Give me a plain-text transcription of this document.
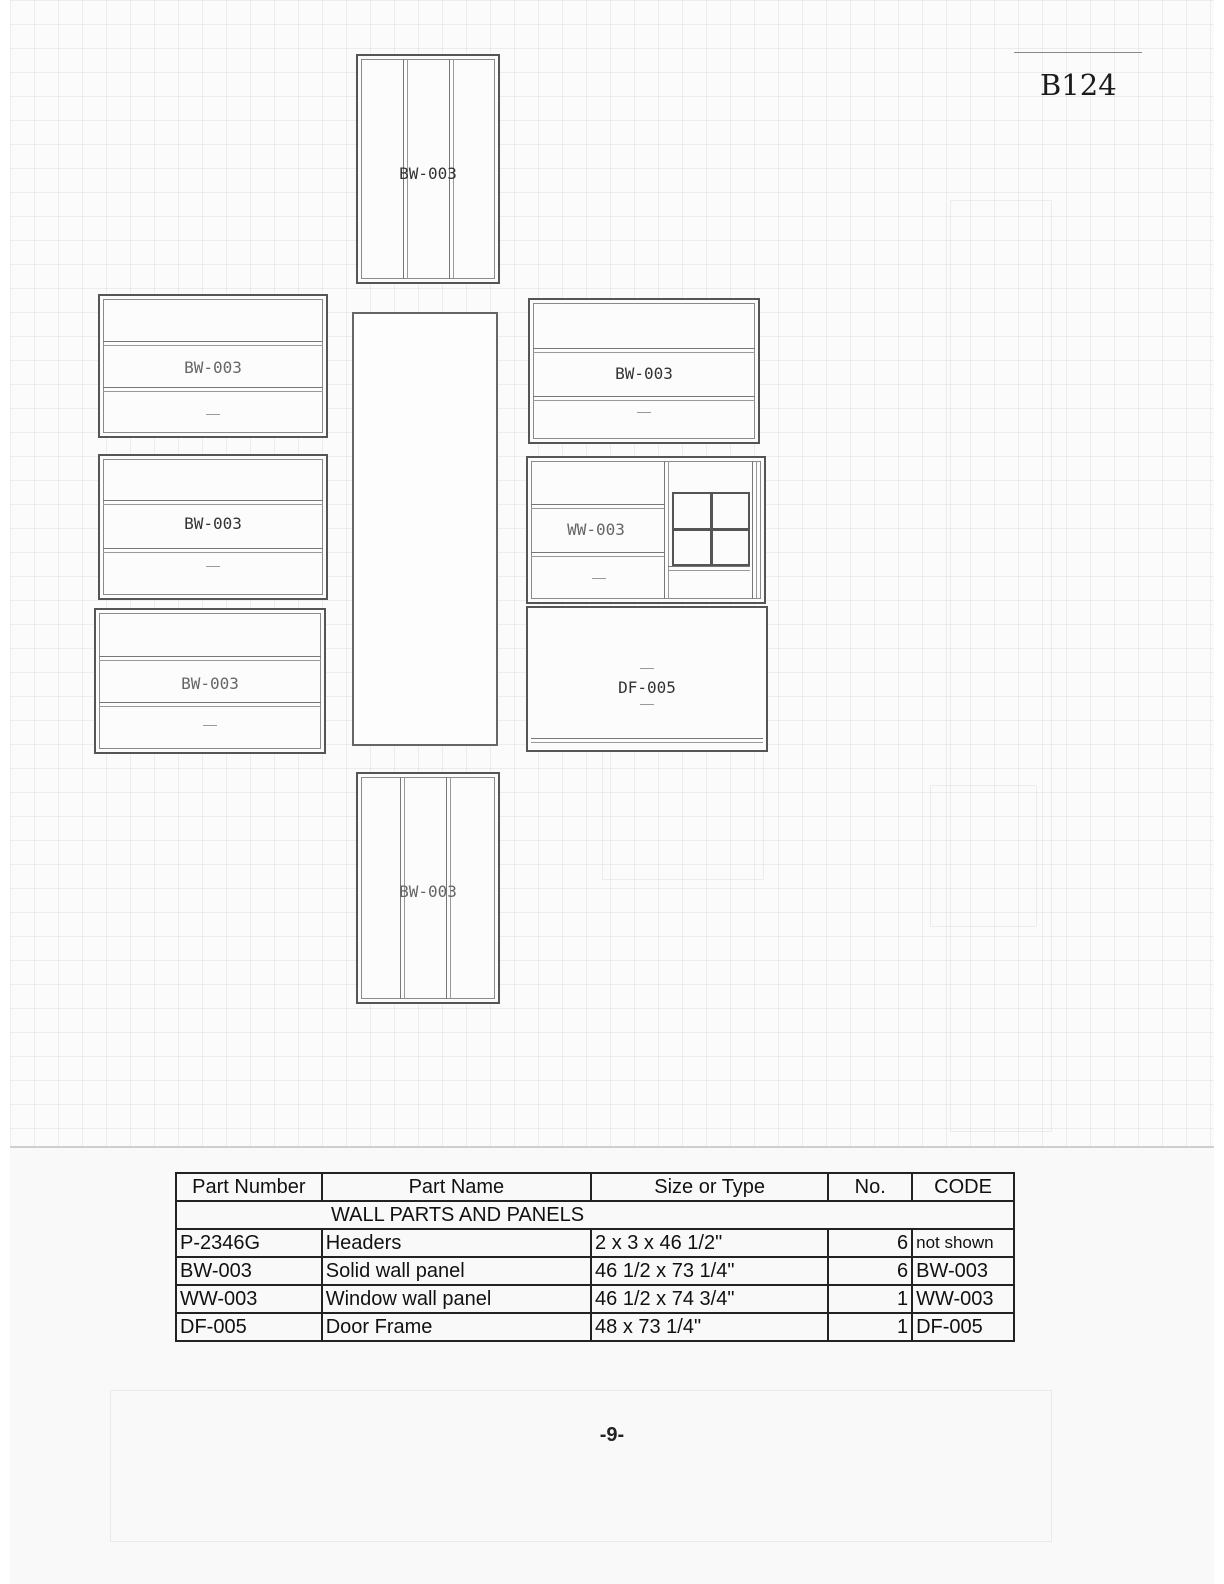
B124
BW-003
BW-003
BW-003
BW-003
BW-003
WW-003
DF-005
BW-003
Part Number	Part Name	Size or Type	No.	CODE
WALL PARTS AND PANELS				
P-2346G	Headers	2 x 3 x 46 1/2"	6	not shown
BW-003	Solid wall panel	46 1/2 x 73 1/4"	6	BW-003
WW-003	Window wall panel	46 1/2 x 74 3/4"	1	WW-003
DF-005	Door Frame	48 x 73 1/4"	1	DF-005
-9-
